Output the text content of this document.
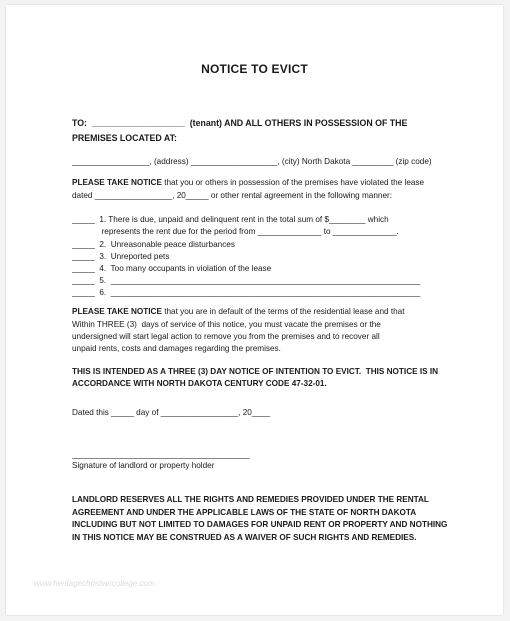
NOTICE TO EVICT
TO:  ___________________  (tenant) AND ALL OTHERS IN POSSESSION OF THE
PREMISES LOCATED AT:
_________________, (address) ___________________, (city) North Dakota _________ (zip code)
PLEASE TAKE NOTICE that you or others in possession of the premises have violated the lease
dated _________________, 20_____ or other rental agreement in the following manner:
_____  1. There is due, unpaid and delinquent rent in the total sum of $________ which
represents the rent due for the period from ______________ to ______________.
_____  2.  Unreasonable peace disturbances
_____  3.  Unreported pets
_____  4.  Too many occupants in violation of the lease
_____  5.  ____________________________________________________________________
_____  6.  ____________________________________________________________________
PLEASE TAKE NOTICE that you are in default of the terms of the residential lease and that
Within THREE (3)  days of service of this notice, you must vacate the premises or the
undersigned will start legal action to remove you from the premises and to recover all
unpaid rents, costs and damages regarding the premises.
THIS IS INTENDED AS A THREE (3) DAY NOTICE OF INTENTION TO EVICT.  THIS NOTICE IS IN
ACCORDANCE WITH NORTH DAKOTA CENTURY CODE 47-32-01.
Dated this _____ day of _________________, 20____
_______________________________________
Signature of landlord or property holder
LANDLORD RESERVES ALL THE RIGHTS AND REMEDIES PROVIDED UNDER THE RENTAL
AGREEMENT AND UNDER THE APPLICABLE LAWS OF THE STATE OF NORTH DAKOTA
INCLUDING BUT NOT LIMITED TO DAMAGES FOR UNPAID RENT OR PROPERTY AND NOTHING
IN THIS NOTICE MAY BE CONSTRUED AS A WAIVER OF SUCH RIGHTS AND REMEDIES.
www.heritagechristiancollege.com
